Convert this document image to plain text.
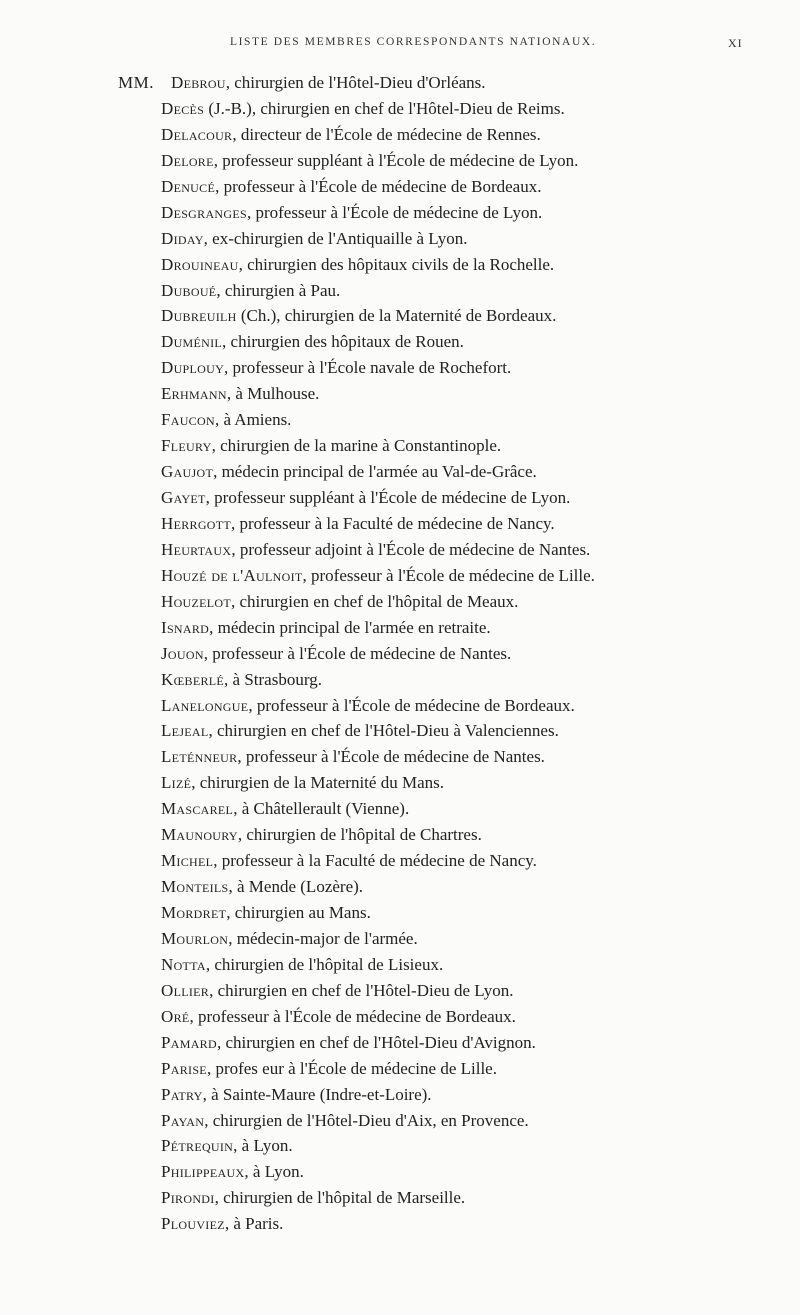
LISTE DES MEMBRES CORRESPONDANTS NATIONAUX.	XI
MM.	Debrou, chirurgien de l'Hôtel-Dieu d'Orléans.
Decès (J.-B.), chirurgien en chef de l'Hôtel-Dieu de Reims.
Delacour, directeur de l'École de médecine de Rennes.
Delore, professeur suppléant à l'École de médecine de Lyon.
Denucé, professeur à l'École de médecine de Bordeaux.
Desgranges, professeur à l'École de médecine de Lyon.
Diday, ex-chirurgien de l'Antiquaille à Lyon.
Drouineau, chirurgien des hôpitaux civils de la Rochelle.
Duboué, chirurgien à Pau.
Dubreuilh (Ch.), chirurgien de la Maternité de Bordeaux.
Duménil, chirurgien des hôpitaux de Rouen.
Duplouy, professeur à l'École navale de Rochefort.
Erhmann, à Mulhouse.
Faucon, à Amiens.
Fleury, chirurgien de la marine à Constantinople.
Gaujot, médecin principal de l'armée au Val-de-Grâce.
Gayet, professeur suppléant à l'École de médecine de Lyon.
Herrgott, professeur à la Faculté de médecine de Nancy.
Heurtaux, professeur adjoint à l'École de médecine de Nantes.
Houzé de l'Aulnoit, professeur à l'École de médecine de Lille.
Houzelot, chirurgien en chef de l'hôpital de Meaux.
Isnard, médecin principal de l'armée en retraite.
Jouon, professeur à l'École de médecine de Nantes.
Kœberlé, à Strasbourg.
Lanelongue, professeur à l'École de médecine de Bordeaux.
Lejeal, chirurgien en chef de l'Hôtel-Dieu à Valenciennes.
Leténneur, professeur à l'École de médecine de Nantes.
Lizé, chirurgien de la Maternité du Mans.
Mascarel, à Châtellerault (Vienne).
Maunoury, chirurgien de l'hôpital de Chartres.
Michel, professeur à la Faculté de médecine de Nancy.
Monteils, à Mende (Lozère).
Mordret, chirurgien au Mans.
Mourlon, médecin-major de l'armée.
Notta, chirurgien de l'hôpital de Lisieux.
Ollier, chirurgien en chef de l'Hôtel-Dieu de Lyon.
Oré, professeur à l'École de médecine de Bordeaux.
Pamard, chirurgien en chef de l'Hôtel-Dieu d'Avignon.
Parise, profes eur à l'École de médecine de Lille.
Patry, à Sainte-Maure (Indre-et-Loire).
Payan, chirurgien de l'Hôtel-Dieu d'Aix, en Provence.
Pétrequin, à Lyon.
Philippeaux, à Lyon.
Pirondi, chirurgien de l'hôpital de Marseille.
Plouviez, à Paris.
